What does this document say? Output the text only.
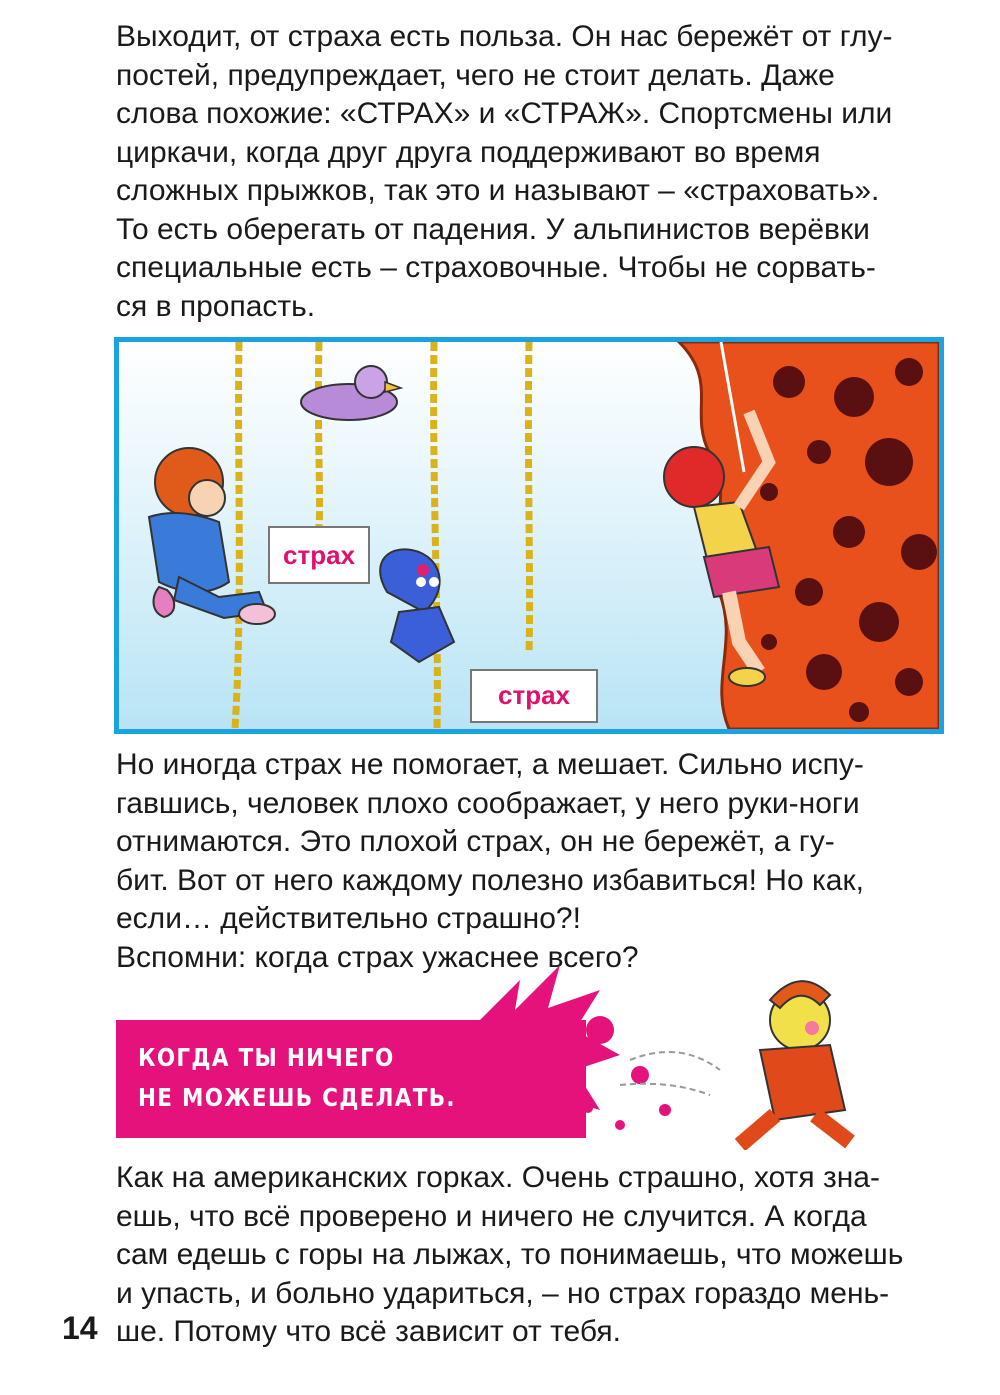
Выходит, от страха есть польза. Он нас бережёт от глу-
постей, предупреждает, чего не стоит делать. Даже
слова похожие: «СТРАХ» и «СТРАЖ». Спортсмены или
циркачи, когда друг друга поддерживают во время
сложных прыжков, так это и называют – «страховать».
То есть оберегать от падения. У альпинистов верёвки
специальные есть – страховочные. Чтобы не сорвать-
ся в пропасть.

страх
страх

Но иногда страх не помогает, а мешает. Сильно испу-
гавшись, человек плохо соображает, у него руки-ноги
отнимаются. Это плохой страх, он не бережёт, а гу-
бит. Вот от него каждому полезно избавиться! Но как,
если… действительно страшно?!
Вспомни: когда страх ужаснее всего?

КОГДА ТЫ НИЧЕГО
НЕ МОЖЕШЬ СДЕЛАТЬ.

Как на американских горках. Очень страшно, хотя зна-
ешь, что всё проверено и ничего не случится. А когда
сам едешь с горы на лыжах, то понимаешь, что можешь
и упасть, и больно удариться, – но страх гораздо мень-
ше. Потому что всё зависит от тебя.

14
